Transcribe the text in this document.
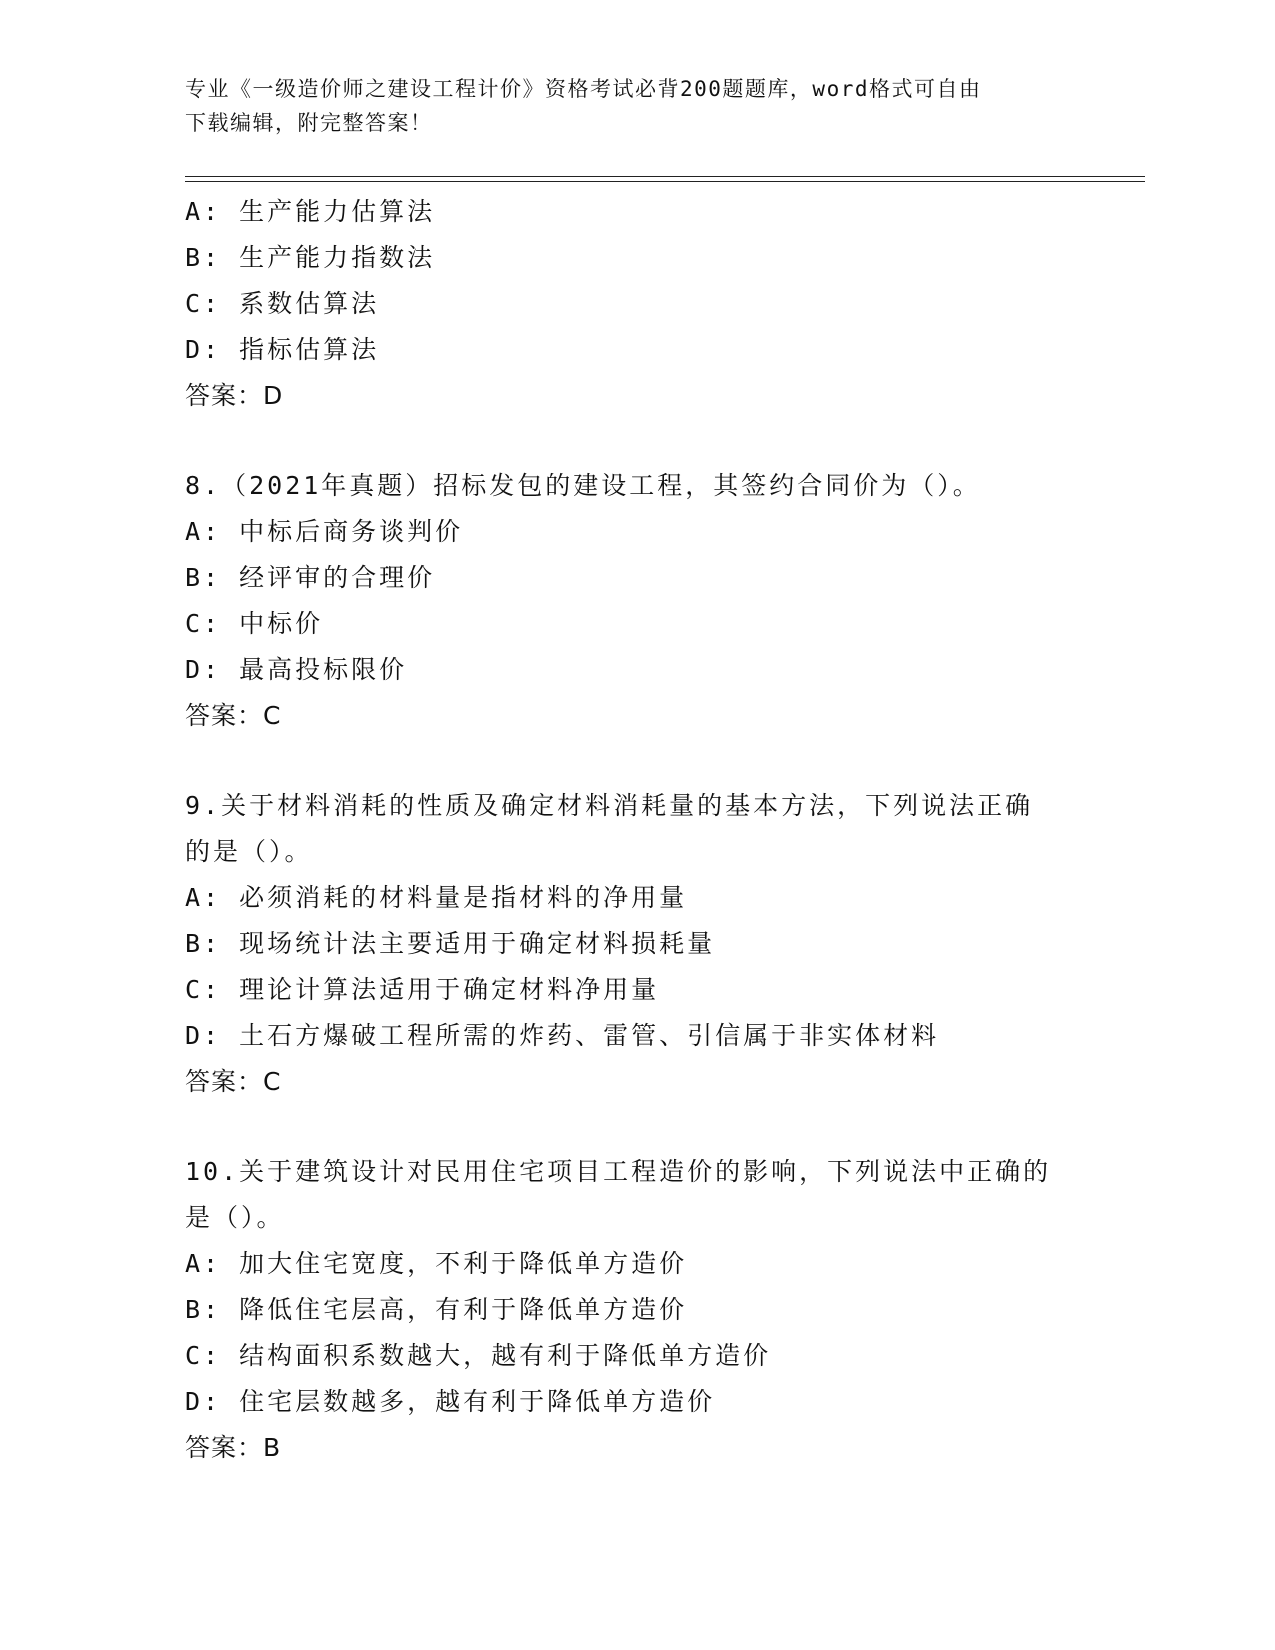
专业《一级造价师之建设工程计价》资格考试必背200题题库，word格式可自由
下载编辑，附完整答案！
A: 生产能力估算法
B: 生产能力指数法
C: 系数估算法
D: 指标估算法
答案：D
8.（2021年真题）招标发包的建设工程，其签约合同价为（）。
A: 中标后商务谈判价
B: 经评审的合理价
C: 中标价
D: 最高投标限价
答案：C
9.关于材料消耗的性质及确定材料消耗量的基本方法，下列说法正确
的是（）。
A: 必须消耗的材料量是指材料的净用量
B: 现场统计法主要适用于确定材料损耗量
C: 理论计算法适用于确定材料净用量
D: 土石方爆破工程所需的炸药、雷管、引信属于非实体材料
答案：C
10.关于建筑设计对民用住宅项目工程造价的影响，下列说法中正确的
是（）。
A: 加大住宅宽度，不利于降低单方造价
B: 降低住宅层高，有利于降低单方造价
C: 结构面积系数越大，越有利于降低单方造价
D: 住宅层数越多，越有利于降低单方造价
答案：B
